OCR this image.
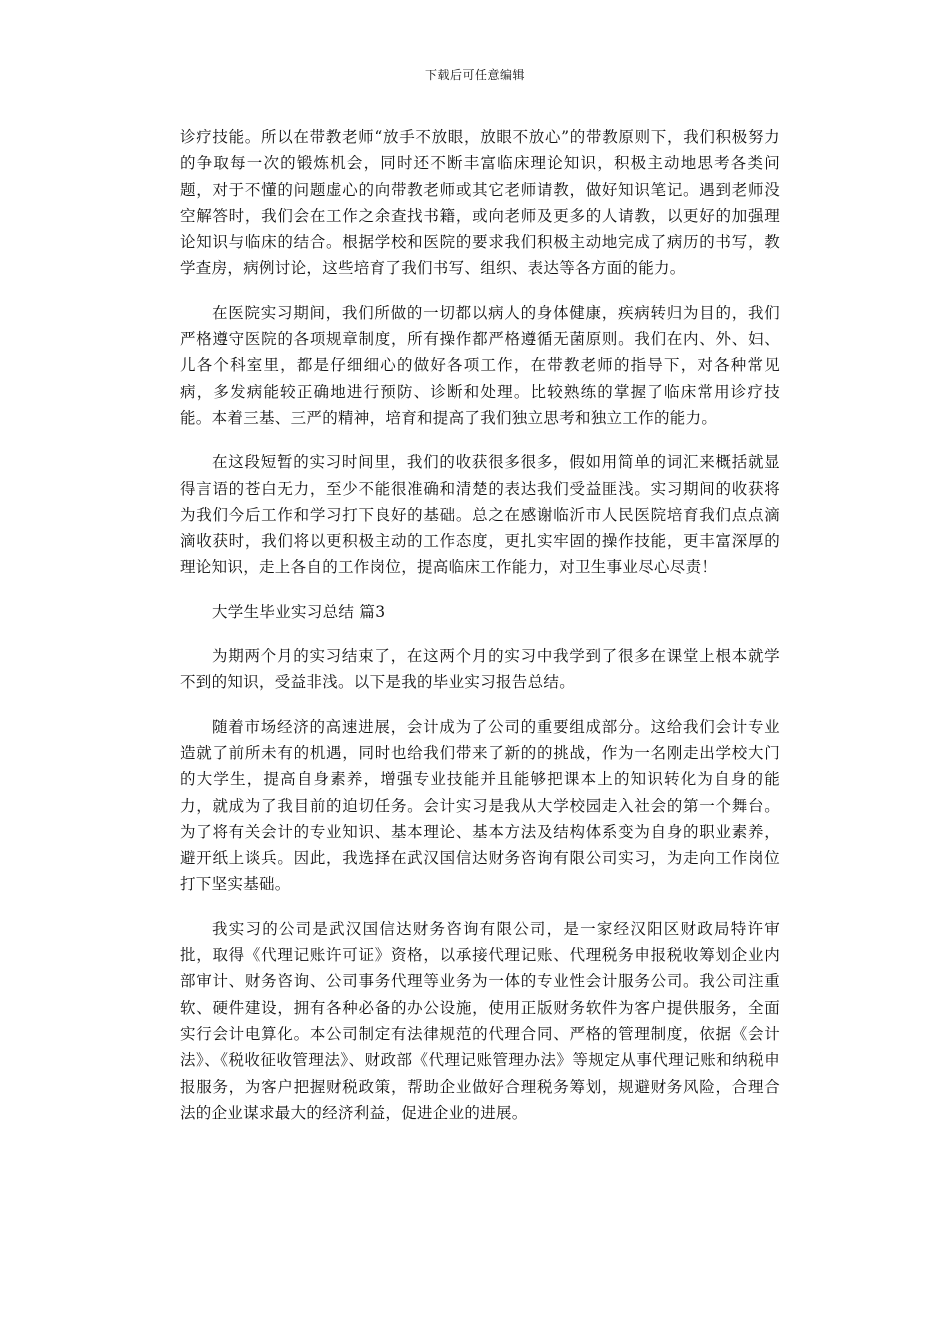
下载后可任意编辑

诊疗技能。所以在带教老师“放手不放眼，放眼不放心”的带教原则下，我们积极努力的争取每一次的锻炼机会，同时还不断丰富临床理论知识，积极主动地思考各类问题，对于不懂的问题虚心的向带教老师或其它老师请教，做好知识笔记。遇到老师没空解答时，我们会在工作之余查找书籍，或向老师及更多的人请教，以更好的加强理论知识与临床的结合。根据学校和医院的要求我们积极主动地完成了病历的书写，教学查房，病例讨论，这些培育了我们书写、组织、表达等各方面的能力。

在医院实习期间，我们所做的一切都以病人的身体健康，疾病转归为目的，我们严格遵守医院的各项规章制度，所有操作都严格遵循无菌原则。我们在内、外、妇、儿各个科室里，都是仔细细心的做好各项工作，在带教老师的指导下，对各种常见病，多发病能较正确地进行预防、诊断和处理。比较熟练的掌握了临床常用诊疗技能。本着三基、三严的精神，培育和提高了我们独立思考和独立工作的能力。

在这段短暂的实习时间里，我们的收获很多很多，假如用简单的词汇来概括就显得言语的苍白无力，至少不能很准确和清楚的表达我们受益匪浅。实习期间的收获将为我们今后工作和学习打下良好的基础。总之在感谢临沂市人民医院培育我们点点滴滴收获时，我们将以更积极主动的工作态度，更扎实牢固的操作技能，更丰富深厚的理论知识，走上各自的工作岗位，提高临床工作能力，对卫生事业尽心尽责！

大学生毕业实习总结 篇3

为期两个月的实习结束了，在这两个月的实习中我学到了很多在课堂上根本就学不到的知识，受益非浅。以下是我的毕业实习报告总结。

随着市场经济的高速进展，会计成为了公司的重要组成部分。这给我们会计专业造就了前所未有的机遇，同时也给我们带来了新的的挑战，作为一名刚走出学校大门的大学生，提高自身素养，增强专业技能并且能够把课本上的知识转化为自身的能力，就成为了我目前的迫切任务。会计实习是我从大学校园走入社会的第一个舞台。为了将有关会计的专业知识、基本理论、基本方法及结构体系变为自身的职业素养，避开纸上谈兵。因此，我选择在武汉国信达财务咨询有限公司实习，为走向工作岗位打下坚实基础。

我实习的公司是武汉国信达财务咨询有限公司，是一家经汉阳区财政局特许审批，取得《代理记账许可证》资格，以承接代理记账、代理税务申报税收筹划企业内部审计、财务咨询、公司事务代理等业务为一体的专业性会计服务公司。我公司注重软、硬件建设，拥有各种必备的办公设施，使用正版财务软件为客户提供服务，全面实行会计电算化。本公司制定有法律规范的代理合同、严格的管理制度，依据《会计法》、《税收征收管理法》、财政部《代理记账管理办法》等规定从事代理记账和纳税申报服务，为客户把握财税政策，帮助企业做好合理税务筹划，规避财务风险，合理合法的企业谋求最大的经济利益，促进企业的进展。
